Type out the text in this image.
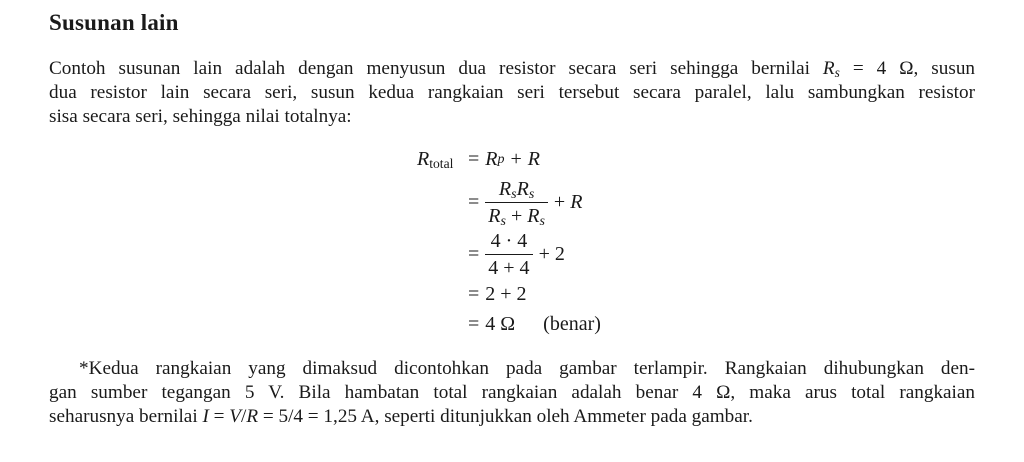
Susunan lain
Contoh susunan lain adalah dengan menyusun dua resistor secara seri sehingga bernilai $R_s = 4$ Ω, susun
dua resistor lain secara seri, susun kedua rangkaian seri tersebut secara paralel, lalu sambungkan resistor
sisa secara seri, sehingga nilai totalnya:
$R_{total} = R$ p + R
= $\frac{R_sR_s}{R_s + R_s} + R$
= $\frac{4 \cdot 4}{4 + 4} + 2$
= 2 + 2
= 4 Ω (benar)
*Kedua rangkaian yang dimaksud dicontohkan pada gambar terlampir. Rangkaian dihubungkan den-
gan sumber tegangan 5 V. Bila hambatan total rangkaian adalah benar 4 Ω, maka arus total rangkaian
seharusnya bernilai I = V/R = 5/4 = 1,25 A, seperti ditunjukkan oleh Ammeter pada gambar.
